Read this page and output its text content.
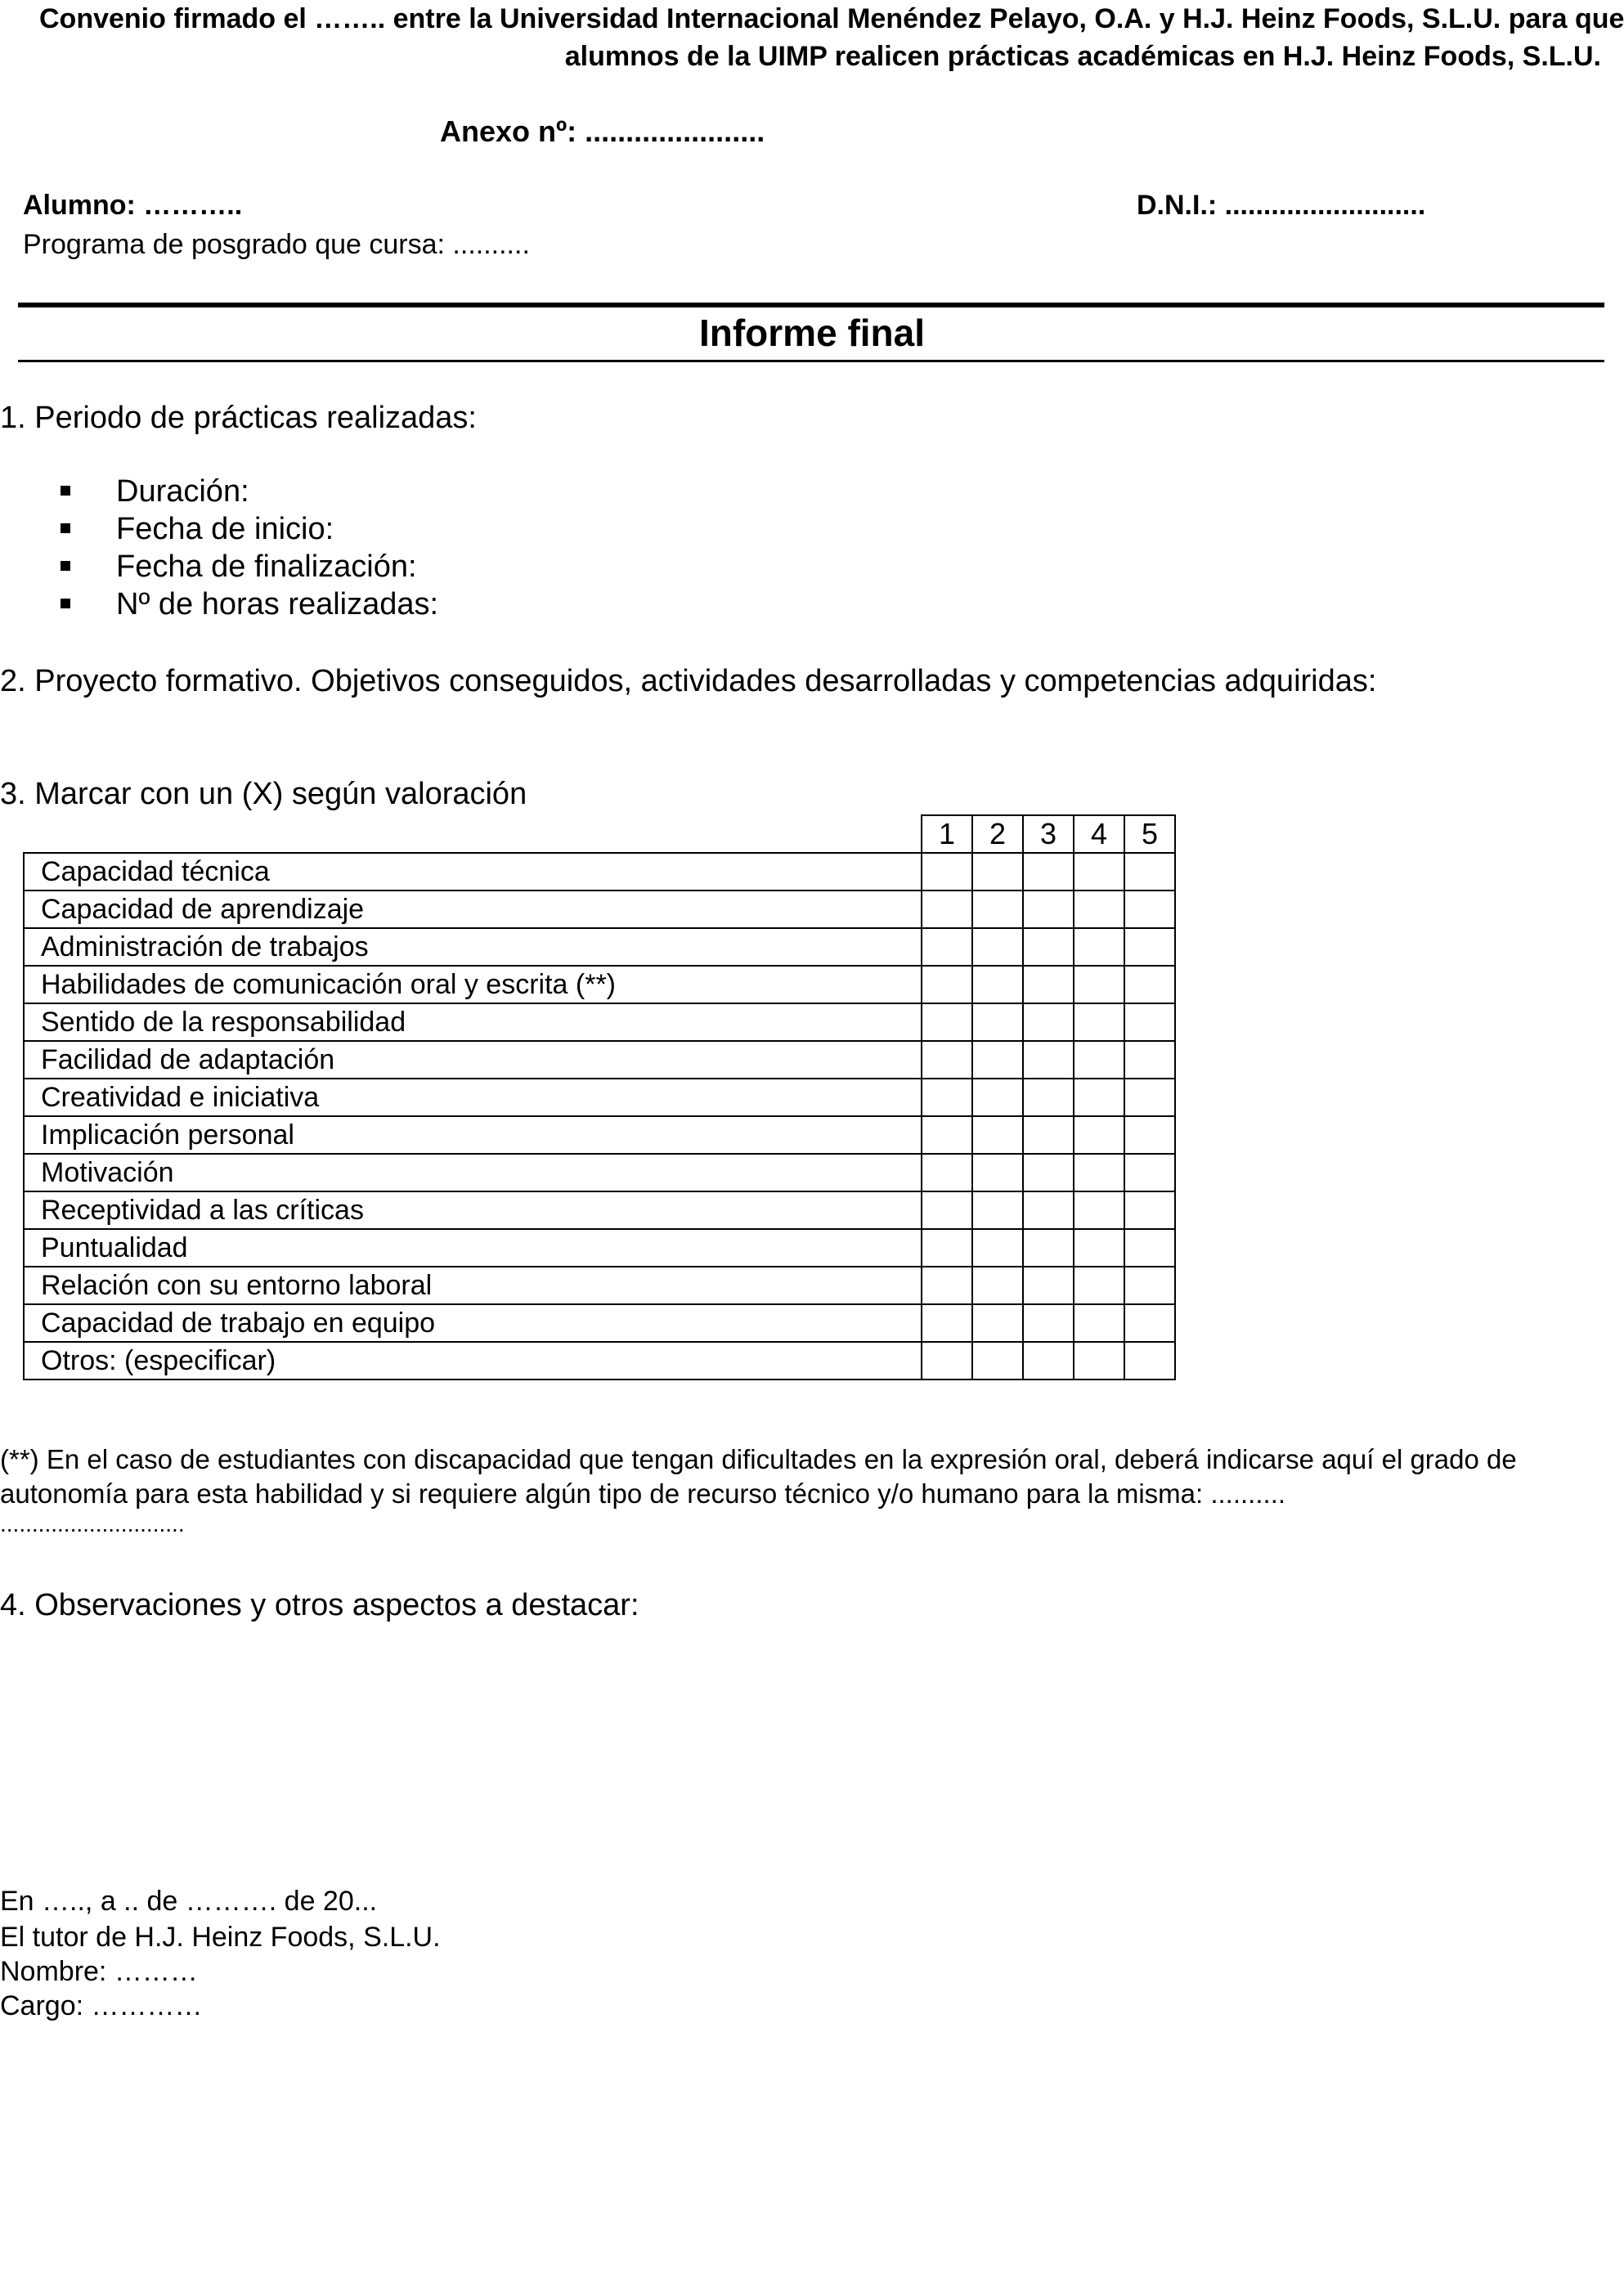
Convenio firmado el …….. entre la Universidad Internacional Menéndez Pelayo, O.A. y H.J. Heinz Foods, S.L.U. para que
alumnos de la UIMP realicen prácticas académicas en H.J. Heinz Foods, S.L.U.
Anexo nº: ......................
Alumno: ………..	D.N.I.: ..........................
Programa de posgrado que cursa: ..........
Informe final
1. Periodo de prácticas realizadas:
Duración:
Fecha de inicio:
Fecha de finalización:
Nº de horas realizadas:
2. Proyecto formativo. Objetivos conseguidos, actividades desarrolladas y competencias adquiridas:
3. Marcar con un (X) según valoración
	1	2	3	4	5
Capacidad técnica					
Capacidad de aprendizaje					
Administración de trabajos					
Habilidades de comunicación oral y escrita (**)					
Sentido de la responsabilidad					
Facilidad de adaptación					
Creatividad e iniciativa					
Implicación personal					
Motivación					
Receptividad a las críticas					
Puntualidad					
Relación con su entorno laboral					
Capacidad de trabajo en equipo					
Otros: (especificar)					
(**) En el caso de estudiantes con discapacidad que tengan dificultades en la expresión oral, deberá indicarse aquí el grado de autonomía para esta habilidad y si requiere algún tipo de recurso técnico y/o humano para la misma: ..........
.............................
4. Observaciones y otros aspectos a destacar:
En ….., a .. de ………. de 20...
El tutor de H.J. Heinz Foods, S.L.U.
Nombre: ………
Cargo: …………
